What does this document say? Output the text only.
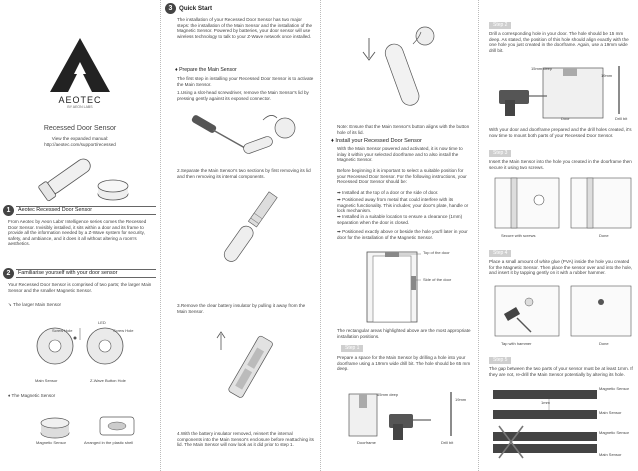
AEOTEC
BY AEON LABS
Recessed Door Sensor
View the expanded manual:
http://aeotec.com/support/recessed
1	Aeotec Recessed Door Sensor
From Aeotec by Aeon Labs' Intelligence series comes the Recessed Door Sensor. Invisibly installed, it sits within a door and its frame to provide all the information needed by a Z-Wave system for security, safety, and ambiance, and it does it all without altering a room's aesthetics.
2	Familiarise yourself with your door sensor
Your Recessed Door Sensor is comprised of two parts; the larger Main Sensor and the smaller Magnetic Sensor.
➘ The larger Main Sensor
LED
Screw Hole	Screw Hole
Main Sensor	Z-Wave Button Hole
♦ The Magnetic Sensor
Magnetic Sensor	Arranged in the plastic shell
3	Quick Start
The installation of your Recessed Door Sensor has two major steps: the installation of the Main Sensor and the installation of the Magnetic Sensor. Powered by batteries, your door sensor will use wireless technology to talk to your Z-Wave network once installed.
♦ Prepare the Main Sensor
The first step in installing your Recessed Door Sensor is to activate the Main Sensor.
1.Using a slot-head screwdriver, remove the Main Sensor's lid by pressing gently against its exposed connector.
2.Separate the Main Sensor's two sections by first removing its lid and then removing its internal components.
3.Remove the clear battery insulator by pulling it away from the Main Sensor.
4.With the battery insulator removed, reinsert the internal components into the Main Sensor's enclosure before reattaching its lid. The Main Sensor will now look as it did prior to step 1.
Note: Ensure that the Main Sensor's button aligns with the button hole of its lid.
♦ Install your Recessed Door Sensor
With the Main Sensor powered and activated, it is now time to inlay it within your selected doorframe and to also install the Magnetic Sensor.
Before beginning it is important to select a suitable position for your Recessed Door Sensor. For the following instructions, your Recessed Door Sensor should be:
➡ Installed at the top of a door or the side of door.
➡ Positioned away from metal that could interfere with its magnetic functionality. This includes; your door's plate, handle or lock mechanism.
➡ Installed in a suitable location to ensure a clearance (1mm) separation when the door is closed.
➡ Positioned exactly above or beside the hole you'll later in your door for the installation of the Magnetic Sensor.
Top of the door
Side of the door
The rectangular areas highlighted above are the most appropriate installation positions.
Step 1
Prepare a space for the Main Sensor by drilling a hole into your doorframe using a 19mm wide drill bit. The hole should be 65 mm deep.
65mm deep
19mm
Doorframe	Drill bit
Step 2
Drill a corresponding hole in your door. The hole should be 15 mm deep. As stated, the position of this hole should align exactly with the one hole you just created in the doorframe. Again, use a 19mm wide drill bit.
15mm deep
19mm
Door	Drill bit
With your door and doorframe prepared and the drill holes created, it's now time to mount both parts of your Recessed Door Sensor.
Step 3
Insert the Main Sensor into the hole you created in the doorframe then secure it using two screws.
Secure with screws	Done
Step 4
Place a small amount of white glue (PVA) inside the hole you created for the Magnetic Sensor. Then place the sensor over and into the hole, and insert it by tapping gently on it with a rubber hammer.
Tap with hammer	Done
Step 5
The gap between the two parts of your sensor must be at least 1mm. If they are not, re-drill the Main Sensor potentially by altering its hole.
Magnetic Sensor
1mm
Main Sensor
Magnetic Sensor
Main Sensor
